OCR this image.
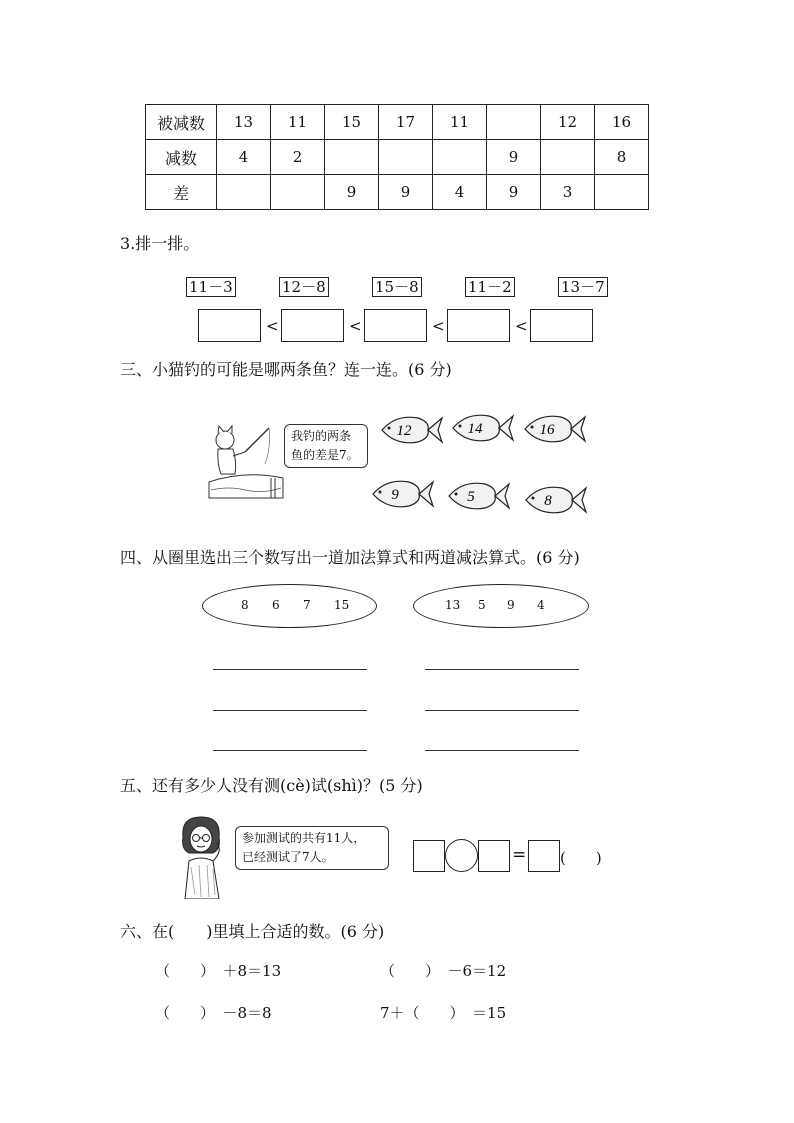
被减数	13	11	15	17	11		12	16
减数	4	2				9		8
差			9	9	4	9	3	
3.排一排。
11－3	12－8	15－8	11－2	13－7
<	<	<	<
三、小猫钓的可能是哪两条鱼？连一连。(6 分)
我钓的两条
鱼的差是7。
12	14	16
9	5	8
四、从圈里选出三个数写出一道加法算式和两道减法算式。(6 分)
8 6 7 15	13 5 9 4
五、还有多少人没有测(cè)试(shì)？(5 分)
参加测试的共有11人，
已经测试了7人。	= (　　)
六、在(　　)里填上合适的数。(6 分)
（　　）　＋8＝13	（　　）　－6＝12
（　　）　－8＝8	7＋（　　）　＝15
